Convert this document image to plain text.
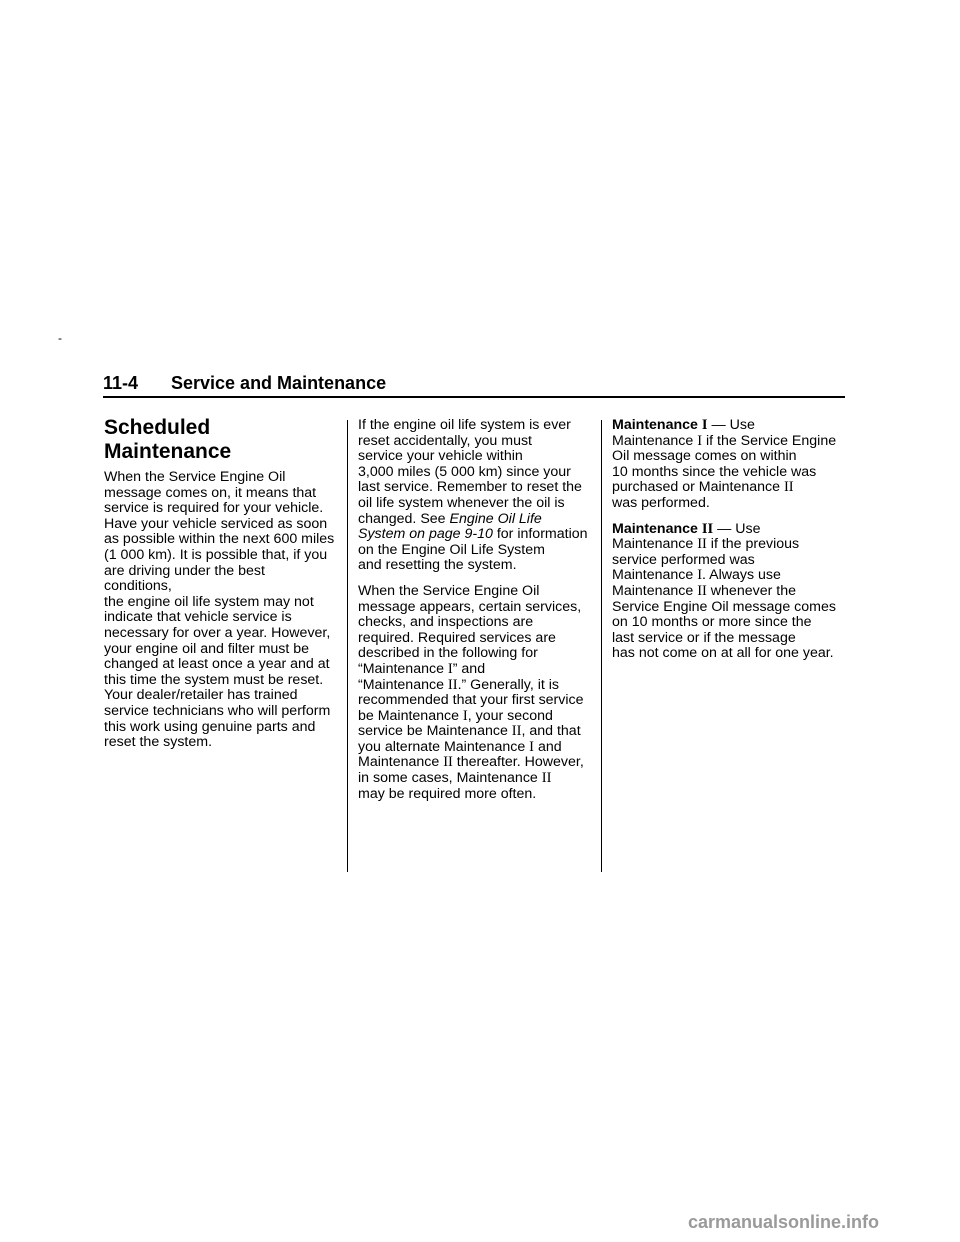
-
11-4 Service and Maintenance
Scheduled Maintenance

When the Service Engine Oil
message comes on, it means that
service is required for your vehicle.
Have your vehicle serviced as soon
as possible within the next 600 miles
(1 000 km). It is possible that, if you
are driving under the best conditions,
the engine oil life system may not
indicate that vehicle service is
necessary for over a year. However,
your engine oil and filter must be
changed at least once a year and at
this time the system must be reset.
Your dealer/retailer has trained
service technicians who will perform
this work using genuine parts and
reset the system.

If the engine oil life system is ever
reset accidentally, you must
service your vehicle within
3,000 miles (5 000 km) since your
last service. Remember to reset the
oil life system whenever the oil is
changed. See Engine Oil Life
System on page 9-10 for information
on the Engine Oil Life System
and resetting the system.

When the Service Engine Oil
message appears, certain services,
checks, and inspections are
required. Required services are
described in the following for
“Maintenance I” and
“Maintenance II.” Generally, it is
recommended that your first service
be Maintenance I, your second
service be Maintenance II, and that
you alternate Maintenance I and
Maintenance II thereafter. However,
in some cases, Maintenance II
may be required more often.

Maintenance I — Use
Maintenance I if the Service Engine
Oil message comes on within
10 months since the vehicle was
purchased or Maintenance II
was performed.

Maintenance II — Use
Maintenance II if the previous
service performed was
Maintenance I. Always use
Maintenance II whenever the
Service Engine Oil message comes
on 10 months or more since the
last service or if the message
has not come on at all for one year.

carmanualsonline.info
